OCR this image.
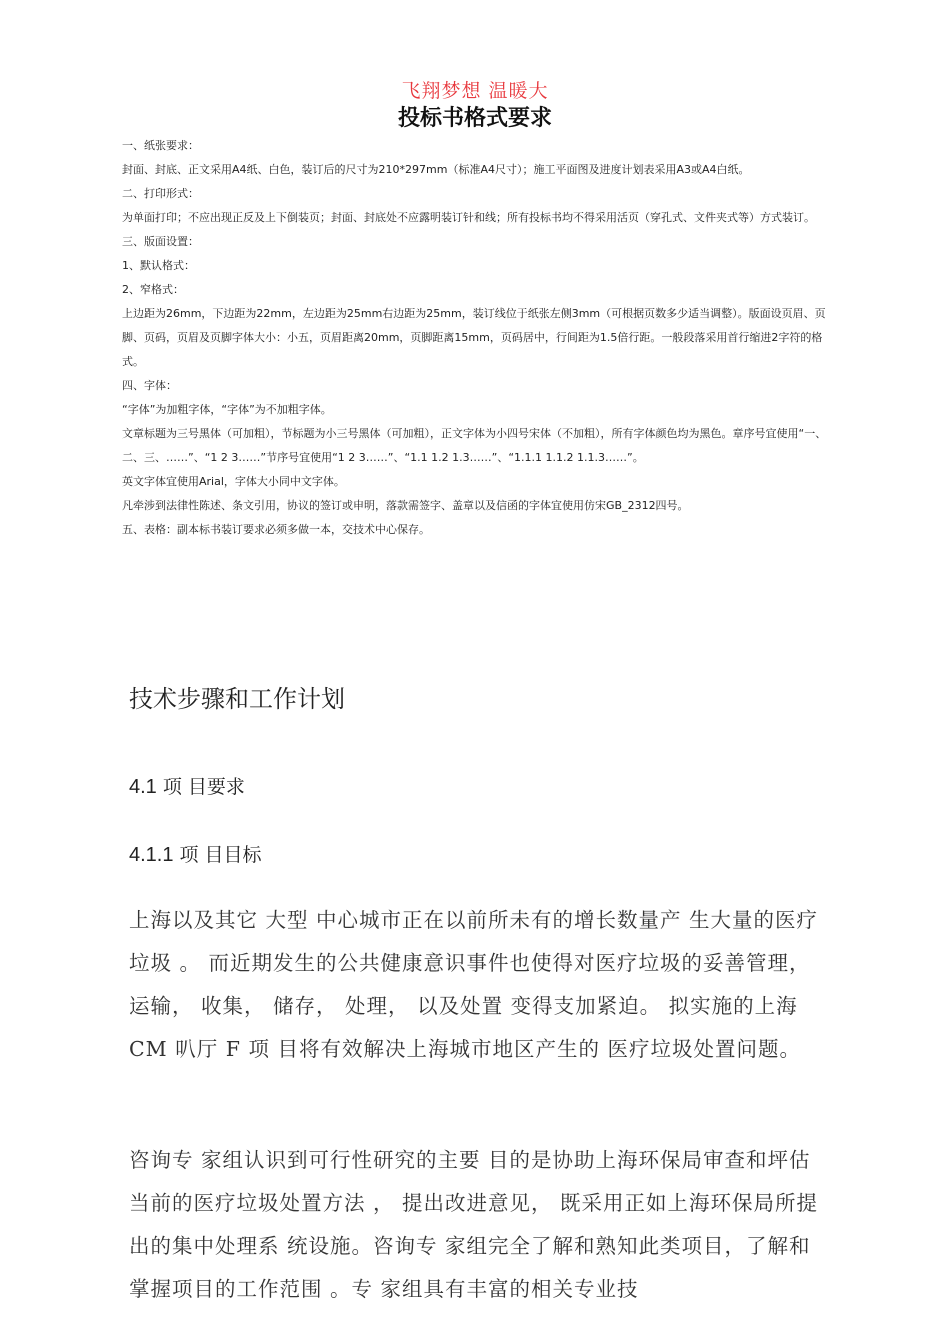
飞翔梦想 温暖大
投标书格式要求

一、纸张要求：

封面、封底、正文采用A4纸、白色，装订后的尺寸为210*297mm（标准A4尺寸）；施工平面图及进度计划表采用A3或A4白纸。

二、打印形式：

为单面打印；不应出现正反及上下倒装页；封面、封底处不应露明装订针和线；所有投标书均不得采用活页（穿孔式、文件夹式等）方式装订。

三、版面设置：

1、默认格式：

2、窄格式：

上边距为26mm，下边距为22mm，左边距为25mm右边距为25mm，装订线位于纸张左侧3mm（可根据页数多少适当调整）。版面设页眉、页脚、页码，页眉及页脚字体大小：小五，页眉距离20mm，页脚距离15mm，页码居中，行间距为1.5倍行距。一般段落采用首行缩进2字符的格式。

四、字体：

“字体”为加粗字体，“字体”为不加粗字体。

文章标题为三号黑体（可加粗），节标题为小三号黑体（可加粗），正文字体为小四号宋体（不加粗），所有字体颜色均为黑色。章序号宜使用“一、二、三、……”、“1 2 3……”节序号宜使用“1 2 3……”、“1.1 1.2 1.3……”、“1.1.1 1.1.2 1.1.3……”。

英文字体宜使用Arial，字体大小同中文字体。

凡牵涉到法律性陈述、条文引用，协议的签订或申明，落款需签字、盖章以及信函的字体宜使用仿宋GB_2312四号。

五、表格：副本标书装订要求必须多做一本，交技术中心保存。

技术步骤和工作计划
4.1 项 目要求
4.1.1 项 目目标

上海以及其它 大型 中心城市正在以前所未有的增长数量产 生大量的医疗 垃圾 。 而近期发生的公共健康意识事件也使得对医疗垃圾的妥善管理， 运输， 收集， 储存， 处理， 以及处置 变得支加紧迫。 拟实施的上海 CM 叭厅 F 项 目将有效解决上海城市地区产生的 医疗垃圾处置问题。

咨询专 家组认识到可行性研究的主要 目的是协助上海环保局审查和坪估 当前的医疗垃圾处置方法 ， 提出改进意见， 既采用正如上海环保局所提 出的集中处理系 统设施。咨询专 家组完全了解和熟知此类项目，了解和 掌握项目的工作范围 。专 家组具有丰富的相关专业技
